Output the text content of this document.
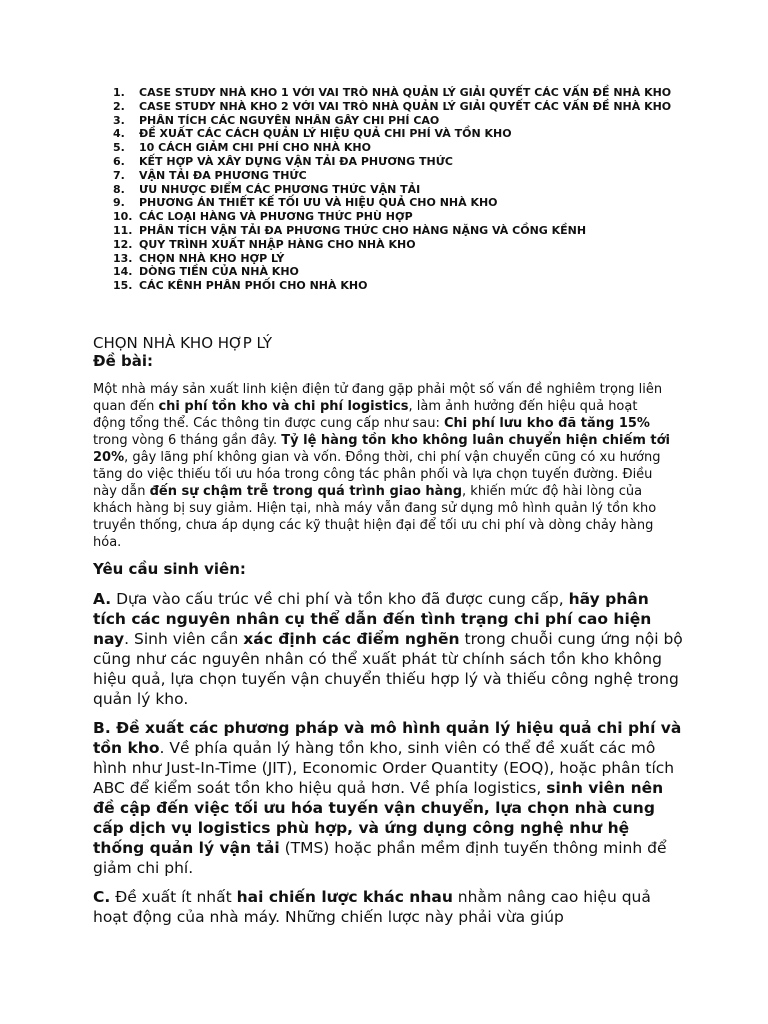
1.	CASE STUDY NHÀ KHO 1 VỚI VAI TRÒ NHÀ QUẢN LÝ GIẢI QUYẾT CÁC VẤN ĐỀ NHÀ KHO
2.	CASE STUDY NHÀ KHO 2 VỚI VAI TRÒ NHÀ QUẢN LÝ GIẢI QUYẾT CÁC VẤN ĐỀ NHÀ KHO
3.	PHÂN TÍCH CÁC NGUYÊN NHÂN GÂY CHI PHÍ CAO
4.	ĐỀ XUẤT CÁC CÁCH QUẢN LÝ HIỆU QUẢ CHI PHÍ VÀ TỒN KHO
5.	10 CÁCH GIẢM CHI PHÍ CHO NHÀ KHO
6.	KẾT HỢP VÀ XÂY DỰNG VẬN TẢI ĐA PHƯƠNG THỨC
7.	VẬN TẢI ĐA PHƯƠNG THỨC
8.	ƯU NHƯỢC ĐIỂM CÁC PHƯƠNG THỨC VẬN TẢI
9.	PHƯƠNG ÁN THIẾT KẾ TỐI ƯU VÀ HIỆU QUẢ CHO NHÀ KHO
10. CÁC LOẠI HÀNG VÀ PHƯƠNG THỨC PHÙ HỢP
11. PHÂN TÍCH VẬN TẢI ĐA PHƯƠNG THỨC CHO HÀNG NẶNG VÀ CỒNG KỀNH
12. QUY TRÌNH XUẤT NHẬP HÀNG CHO NHÀ KHO
13. CHỌN NHÀ KHO HỢP LÝ
14. DÒNG TIỀN CỦA NHÀ KHO
15. CÁC KÊNH PHÂN PHỐI CHO NHÀ KHO
CHỌN NHÀ KHO HỢP LÝ
Đề bài:

Một nhà máy sản xuất linh kiện điện tử đang gặp phải một số vấn đề nghiêm trọng liên quan đến chi phí tồn kho và chi phí logistics, làm ảnh hưởng đến hiệu quả hoạt động tổng thể. Các thông tin được cung cấp như sau: Chi phí lưu kho đã tăng 15% trong vòng 6 tháng gần đây. Tỷ lệ hàng tồn kho không luân chuyển hiện chiếm tới 20%, gây lãng phí không gian và vốn. Đồng thời, chi phí vận chuyển cũng có xu hướng tăng do việc thiếu tối ưu hóa trong công tác phân phối và lựa chọn tuyến đường. Điều này dẫn đến sự chậm trễ trong quá trình giao hàng, khiến mức độ hài lòng của khách hàng bị suy giảm. Hiện tại, nhà máy vẫn đang sử dụng mô hình quản lý tồn kho truyền thống, chưa áp dụng các kỹ thuật hiện đại để tối ưu chi phí và dòng chảy hàng hóa.

Yêu cầu sinh viên:

A. Dựa vào cấu trúc về chi phí và tồn kho đã được cung cấp, hãy phân tích các nguyên nhân cụ thể dẫn đến tình trạng chi phí cao hiện nay. Sinh viên cần xác định các điểm nghẽn trong chuỗi cung ứng nội bộ cũng như các nguyên nhân có thể xuất phát từ chính sách tồn kho không hiệu quả, lựa chọn tuyến vận chuyển thiếu hợp lý và thiếu công nghệ trong quản lý kho.

B. Đề xuất các phương pháp và mô hình quản lý hiệu quả chi phí và tồn kho. Về phía quản lý hàng tồn kho, sinh viên có thể đề xuất các mô hình như Just-In-Time (JIT), Economic Order Quantity (EOQ), hoặc phân tích ABC để kiểm soát tồn kho hiệu quả hơn. Về phía logistics, sinh viên nên đề cập đến việc tối ưu hóa tuyến vận chuyển, lựa chọn nhà cung cấp dịch vụ logistics phù hợp, và ứng dụng công nghệ như hệ thống quản lý vận tải (TMS) hoặc phần mềm định tuyến thông minh để giảm chi phí.

C. Đề xuất ít nhất hai chiến lược khác nhau nhằm nâng cao hiệu quả hoạt động của nhà máy. Những chiến lược này phải vừa giúp
